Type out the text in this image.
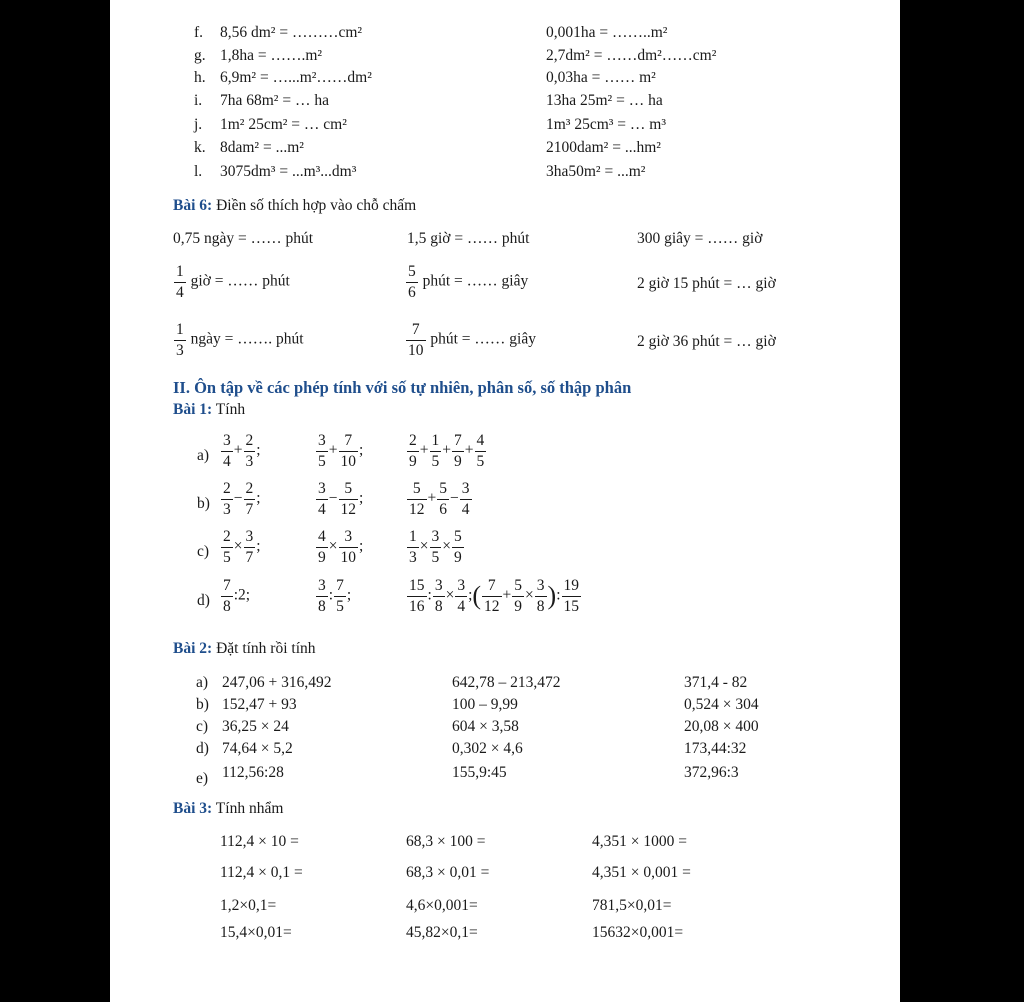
f. 8,56 dm² = ………cm²	0,001ha = ……..m²
g. 1,8ha = …….m²	2,7dm² = ……dm²……cm²
h. 6,9m² = …...m²……dm²	0,03ha = …… m²
i. 7ha 68m² = … ha	13ha 25m² = … ha
j. 1m² 25cm² = … cm²	1m³ 25cm³ = … m³
k. 8dam² = ...m²	2100dam² = ...hm²
l. 3075dm³ = ...m³...dm³	3ha50m² = ...m²
Bài 6: Điền số thích hợp vào chỗ chấm
0,75 ngày = …… phút	1,5 giờ = …… phút	300 giây = …… giờ
$\frac{1}{4}$ giờ = …… phút	$\frac{5}{6}$ phút = …… giây	2 giờ 15 phút = … giờ
$\frac{1}{3}$ ngày = ……. phút	$\frac{7}{10}$ phút = …… giây	2 giờ 36 phút = … giờ
II. Ôn tập về các phép tính với số tự nhiên, phân số, số thập phân
Bài 1: Tính
$a) \frac{3}{4} + \frac{2}{3}$ ;	$\frac{3}{5} + \frac{7}{10}$ ;	$\frac{2}{9} + \frac{1}{5} + \frac{7}{9} + \frac{4}{5}$
$b) \frac{2}{3} - \frac{2}{7}$ ;	$\frac{3}{4} - \frac{5}{12}$ ;	$\frac{5}{12} + \frac{5}{6} - \frac{3}{4}$
$c) \frac{2}{5} \times \frac{3}{7}$ ;	$\frac{4}{9} \times \frac{3}{10}$ ;	$\frac{1}{3} \times \frac{3}{5} \times \frac{5}{9}$
$d) \frac{7}{8}$ :2;	$\frac{3}{8}$ : $\frac{7}{5}$ ;	$\frac{15}{16}$ : $\frac{3}{8} \times \frac{3}{4}$ ;( $\frac{7}{12} + \frac{5}{9} \times \frac{3}{8}$ ): $\frac{19}{15}$
Bài 2: Đặt tính rồi tính
a) 247,06 + 316,492	642,78 – 213,472	371,4 - 82
b) 152,47 + 93	100 – 9,99	0,524 × 304
c) 36,25 × 24	604 × 3,58	20,08 × 400
d) 74,64 × 5,2	0,302 × 4,6	173,44:32
e) 112,56:28	155,9:45	372,96:3
Bài 3: Tính nhẩm
112,4 × 10 =	68,3 × 100 =	4,351 × 1000 =
112,4 × 0,1 =	68,3 × 0,01 =	4,351 × 0,001 =
1,2×0,1=	4,6×0,001=	781,5×0,01=
15,4×0,01=	45,82×0,1=	15632×0,001=
